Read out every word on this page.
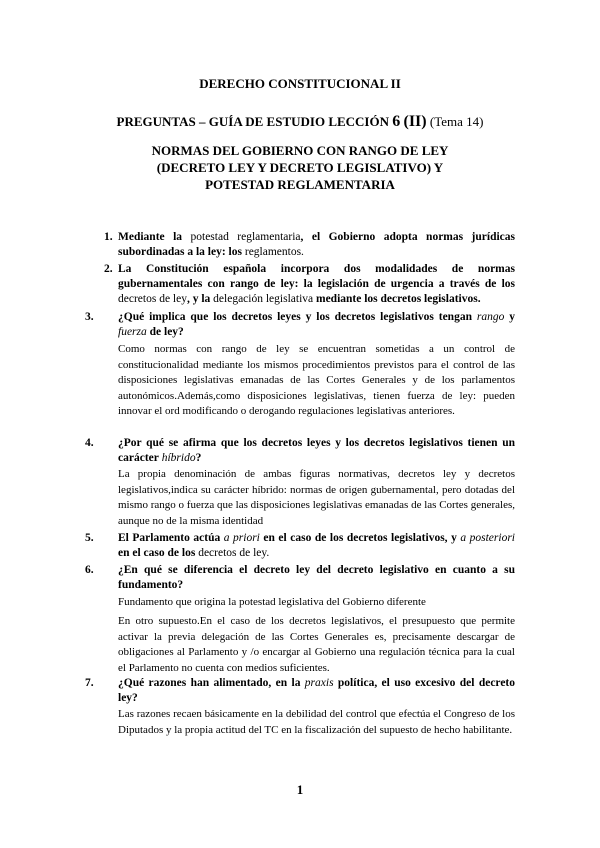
DERECHO CONSTITUCIONAL II
PREGUNTAS – GUÍA DE ESTUDIO LECCIÓN 6 (II) (Tema 14)
NORMAS DEL GOBIERNO CON RANGO DE LEY (DECRETO LEY Y DECRETO LEGISLATIVO) Y POTESTAD REGLAMENTARIA
1. Mediante la potestad reglamentaria, el Gobierno adopta normas jurídicas subordinadas a la ley: los reglamentos.
2. La Constitución española incorpora dos modalidades de normas gubernamentales con rango de ley: la legislación de urgencia a través de los decretos de ley, y la delegación legislativa mediante los decretos legislativos.
3. ¿Qué implica que los decretos leyes y los decretos legislativos tengan rango y fuerza de ley?
Como normas con rango de ley se encuentran sometidas a un control de constitucionalidad mediante los mismos procedimientos previstos para el control de las disposiciones legislativas emanadas de las Cortes Generales y de los parlamentos autonómicos.Además,como disposiciones legislativas, tienen fuerza de ley: pueden innovar el ord modificando o derogando regulaciones legislativas anteriores.
4. ¿Por qué se afirma que los decretos leyes y los decretos legislativos tienen un carácter híbrido?
La propia denominación de ambas figuras normativas, decretos ley y decretos legislativos,indica su carácter híbrido: normas de origen gubernamental, pero dotadas del mismo rango o fuerza que las disposiciones legislativas emanadas de las Cortes generales, aunque no de la misma identidad
5. El Parlamento actúa a priori en el caso de los decretos legislativos, y a posteriori en el caso de los decretos de ley.
6. ¿En qué se diferencia el decreto ley del decreto legislativo en cuanto a su fundamento?
Fundamento que origina la potestad legislativa del Gobierno diferente
En otro supuesto.En el caso de los decretos legislativos, el presupuesto que permite activar la previa delegación de las Cortes Generales es, precisamente descargar de obligaciones al Parlamento y /o encargar al Gobierno una regulación técnica para la cual el Parlamento no cuenta con medios suficientes.
7. ¿Qué razones han alimentado, en la praxis política, el uso excesivo del decreto ley?
Las razones recaen básicamente en la debilidad del control que efectúa el Congreso de los Diputados y la propia actitud del TC en la fiscalización del supuesto de hecho habilitante.
1
